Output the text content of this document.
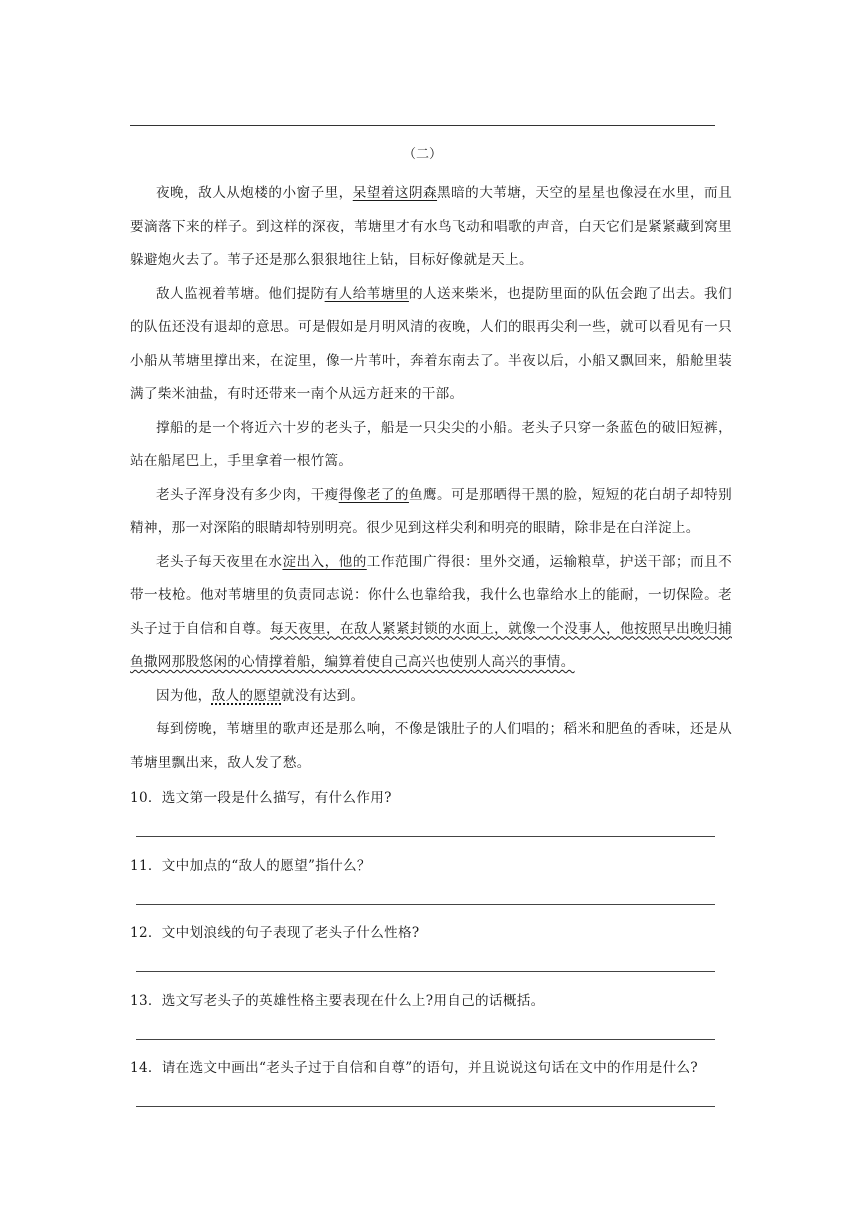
（二）

夜晚，敌人从炮楼的小窗子里，呆望着这阴森黑暗的大苇塘，天空的星星也像浸在水里，而且要滴落下来的样子。到这样的深夜，苇塘里才有水鸟飞动和唱歌的声音，白天它们是紧紧藏到窝里躲避炮火去了。苇子还是那么狠狠地往上钻，目标好像就是天上。

敌人监视着苇塘。他们提防有人给苇塘里的人送来柴米，也提防里面的队伍会跑了出去。我们的队伍还没有退却的意思。可是假如是月明风清的夜晚，人们的眼再尖利一些，就可以看见有一只小船从苇塘里撑出来，在淀里，像一片苇叶，奔着东南去了。半夜以后，小船又飘回来，船舱里装满了柴米油盐，有时还带来一南个从远方赶来的干部。

撑船的是一个将近六十岁的老头子，船是一只尖尖的小船。老头子只穿一条蓝色的破旧短裤，站在船尾巴上，手里拿着一根竹篙。

老头子浑身没有多少肉，干瘦得像老了的鱼鹰。可是那晒得干黑的脸，短短的花白胡子却特别精神，那一对深陷的眼睛却特别明亮。很少见到这样尖利和明亮的眼睛，除非是在白洋淀上。

老头子每天夜里在水淀出入，他的工作范围广得很：里外交通，运输粮草，护送干部；而且不带一枝枪。他对苇塘里的负责同志说：你什么也靠给我，我什么也靠给水上的能耐，一切保险。老头子过于自信和自尊。每天夜里，在敌人紧紧封锁的水面上，就像一个没事人，他按照早出晚归捕鱼撒网那股悠闲的心情撑着船，编算着使自己高兴也使别人高兴的事情。

因为他，敌人的愿望就没有达到。

每到傍晚，苇塘里的歌声还是那么响，不像是饿肚子的人们唱的；稻米和肥鱼的香味，还是从苇塘里飘出来，敌人发了愁。

10．选文第一段是什么描写，有什么作用?
11．文中加点的“敌人的愿望”指什么？
12．文中划浪线的句子表现了老头子什么性格?
13．选文写老头子的英雄性格主要表现在什么上?用自己的话概括。
14．请在选文中画出“老头子过于自信和自尊”的语句，并且说说这句话在文中的作用是什么?
